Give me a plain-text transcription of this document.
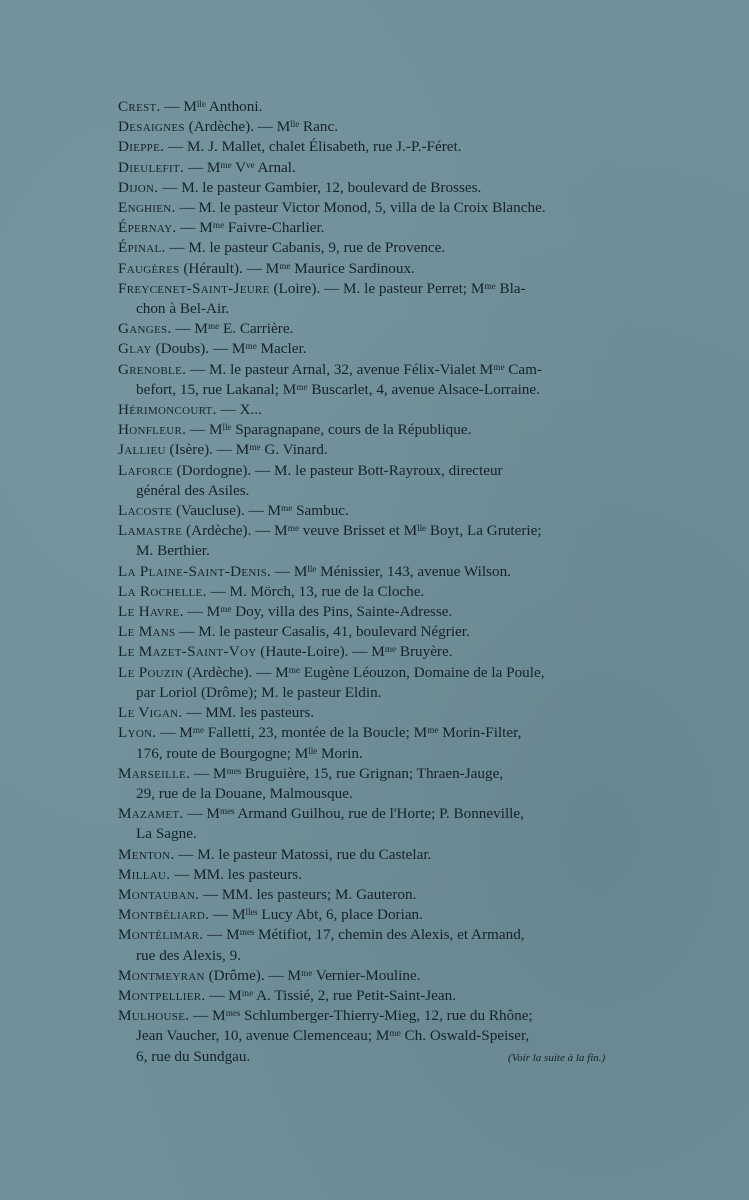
Crest. — Mˡˡᵉ Anthoni.
Desaignes (Ardèche). — Mˡˡᵉ Ranc.
Dieppe. — M. J. Mallet, chalet Élisabeth, rue J.-P.-Féret.
Dieulefit. — Mᵐᵉ Vᵛᵉ Arnal.
Dijon. — M. le pasteur Gambier, 12, boulevard de Brosses.
Enghien. — M. le pasteur Victor Monod, 5, villa de la Croix Blanche.
Épernay. — Mᵐᵉ Faivre-Charlier.
Épinal. — M. le pasteur Cabanis, 9, rue de Provence.
Faugères (Hérault). — Mᵐᵉ Maurice Sardinoux.
Freycenet-Saint-Jeure (Loire). — M. le pasteur Perret; Mᵐᵉ Bla-
chon à Bel-Air.
Ganges. — Mᵐᵉ E. Carrière.
Glay (Doubs). — Mᵐᵉ Macler.
Grenoble. — M. le pasteur Arnal, 32, avenue Félix-Vialet Mᵐᵉ Cam-
befort, 15, rue Lakanal; Mᵐᵉ Buscarlet, 4, avenue Alsace-Lorraine.
Hérimoncourt. — X...
Honfleur. — Mˡˡᵉ Sparagnapane, cours de la République.
Jallieu (Isère). — Mᵐᵉ G. Vinard.
Laforce (Dordogne). — M. le pasteur Bott-Rayroux, directeur
général des Asiles.
Lacoste (Vaucluse). — Mᵐᵉ Sambuc.
Lamastre (Ardèche). — Mᵐᵉ veuve Brisset et Mˡˡᵉ Boyt, La Gruterie;
M. Berthier.
La Plaine-Saint-Denis. — Mˡˡᵉ Ménissier, 143, avenue Wilson.
La Rochelle. — M. Mörch, 13, rue de la Cloche.
Le Havre. — Mᵐᵉ Doy, villa des Pins, Sainte-Adresse.
Le Mans — M. le pasteur Casalis, 41, boulevard Négrier.
Le Mazet-Saint-Voy (Haute-Loire). — Mᵐᵉ Bruyère.
Le Pouzin (Ardèche). — Mᵐᵉ Eugène Léouzon, Domaine de la Poule,
par Loriol (Drôme); M. le pasteur Eldin.
Le Vigan. — MM. les pasteurs.
Lyon. — Mᵐᵉ Falletti, 23, montée de la Boucle; Mᵐᵉ Morin-Filter,
176, route de Bourgogne; Mˡˡᵉ Morin.
Marseille. — Mᵐᵉˢ Bruguière, 15, rue Grignan; Thraen-Jauge,
29, rue de la Douane, Malmousque.
Mazamet. — Mᵐᵉˢ Armand Guilhou, rue de l'Horte; P. Bonneville,
La Sagne.
Menton. — M. le pasteur Matossi, rue du Castelar.
Millau. — MM. les pasteurs.
Montauban. — MM. les pasteurs; M. Gauteron.
Montbéliard. — Mˡˡᵉˢ Lucy Abt, 6, place Dorian.
Montélimar. — Mᵐᵉˢ Métifiot, 17, chemin des Alexis, et Armand,
rue des Alexis, 9.
Montmeyran (Drôme). — Mᵐᵉ Vernier-Mouline.
Montpellier. — Mᵐᵉ A. Tissié, 2, rue Petit-Saint-Jean.
Mulhouse. — Mᵐᵉˢ Schlumberger-Thierry-Mieg, 12, rue du Rhône;
Jean Vaucher, 10, avenue Clemenceau; Mᵐᵉ Ch. Oswald-Speiser,
6, rue du Sundgau.	(Voir la suite à la fin.)
